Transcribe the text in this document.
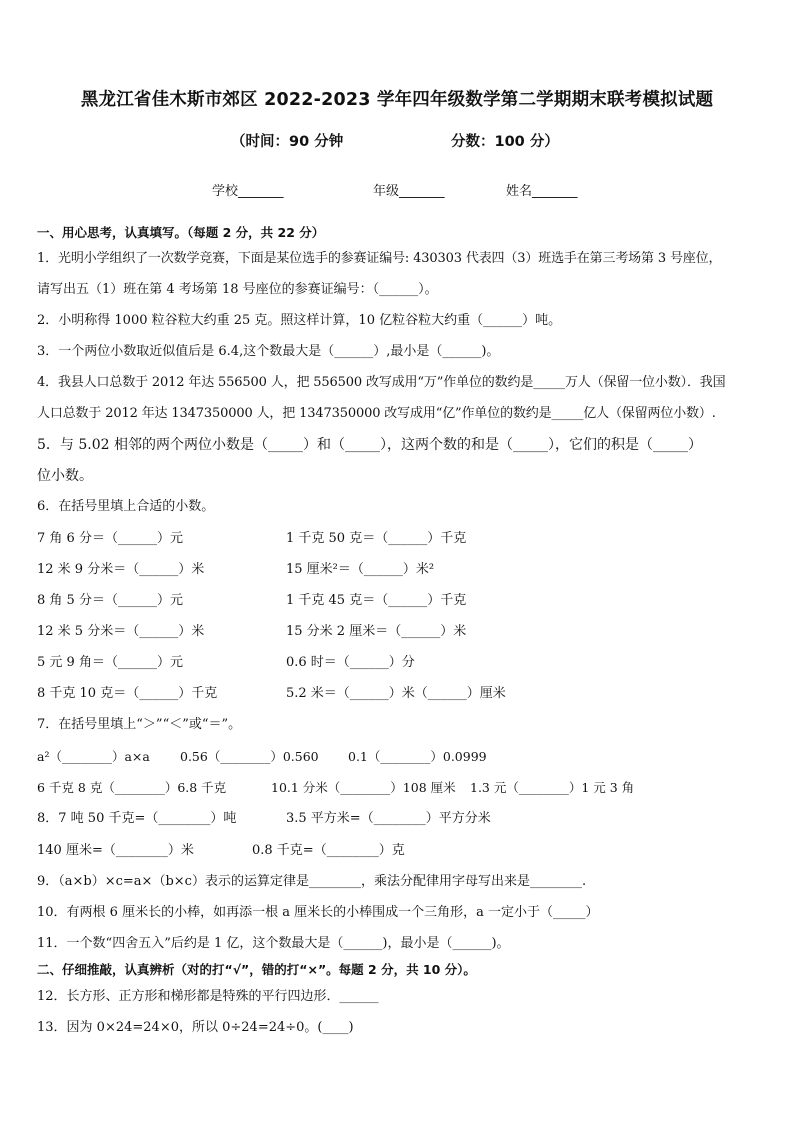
黑龙江省佳木斯市郊区 2022-2023 学年四年级数学第二学期期末联考模拟试题
（时间：90 分钟	分数：100 分）
学校_______	年级_______	姓名_______
一、用心思考，认真填写。（每题 2 分，共 22 分）
1．光明小学组织了一次数学竞赛，下面是某位选手的参赛证编号: 430303 代表四（3）班选手在第三考场第 3 号座位，
请写出五（1）班在第 4 考场第 18 号座位的参赛证编号：（______）。
2．小明称得 1000 粒谷粒大约重 25 克。照这样计算，10 亿粒谷粒大约重（______）吨。
3．一个两位小数取近似值后是 6.4,这个数最大是（______）,最小是（______)。
4．我县人口总数于 2012 年达 556500 人，把 556500 改写成用“万”作单位的数约是_____万人（保留一位小数）．我国
人口总数于 2012 年达 1347350000 人，把 1347350000 改写成用“亿”作单位的数约是_____亿人（保留两位小数）.
5．与 5.02 相邻的两个两位小数是（_____）和（_____），这两个数的和是（_____），它们的积是（_____）
位小数。
6．在括号里填上合适的小数。
7 角 6 分＝（______）元	1 千克 50 克＝（______）千克
12 米 9 分米＝（______）米	15 厘米²＝（______）米²
8 角 5 分＝（______）元	1 千克 45 克＝（______）千克
12 米 5 分米＝（______）米	15 分米 2 厘米＝（______）米
5 元 9 角＝（______）元	0.6 时＝（______）分
8 千克 10 克＝（______）千克	5.2 米＝（______）米（______）厘米
7．在括号里填上“＞”“＜”或“＝”。
a²（________）a×a 0.56（________）0.560 0.1（________）0.0999
6 千克 8 克（________）6.8 千克	10.1 分米（________）108 厘米 1.3 元（________）1 元 3 角
8．7 吨 50 千克=（________）吨	3.5 平方米=（________）平方分米
140 厘米=（________）米	0.8 千克=（________）克
9．（a×b）×c=a×（b×c）表示的运算定律是________，乘法分配律用字母写出来是________.
10．有两根 6 厘米长的小棒，如再添一根 a 厘米长的小棒围成一个三角形，a 一定小于（_____）
11．一个数“四舍五入”后约是 1 亿，这个数最大是（______)，最小是（______)。
二、仔细推敲，认真辨析（对的打“√”，错的打“×”。每题 2 分，共 10 分）。
12．长方形、正方形和梯形都是特殊的平行四边形．______
13．因为 0×24=24×0，所以 0÷24=24÷0。(____)
